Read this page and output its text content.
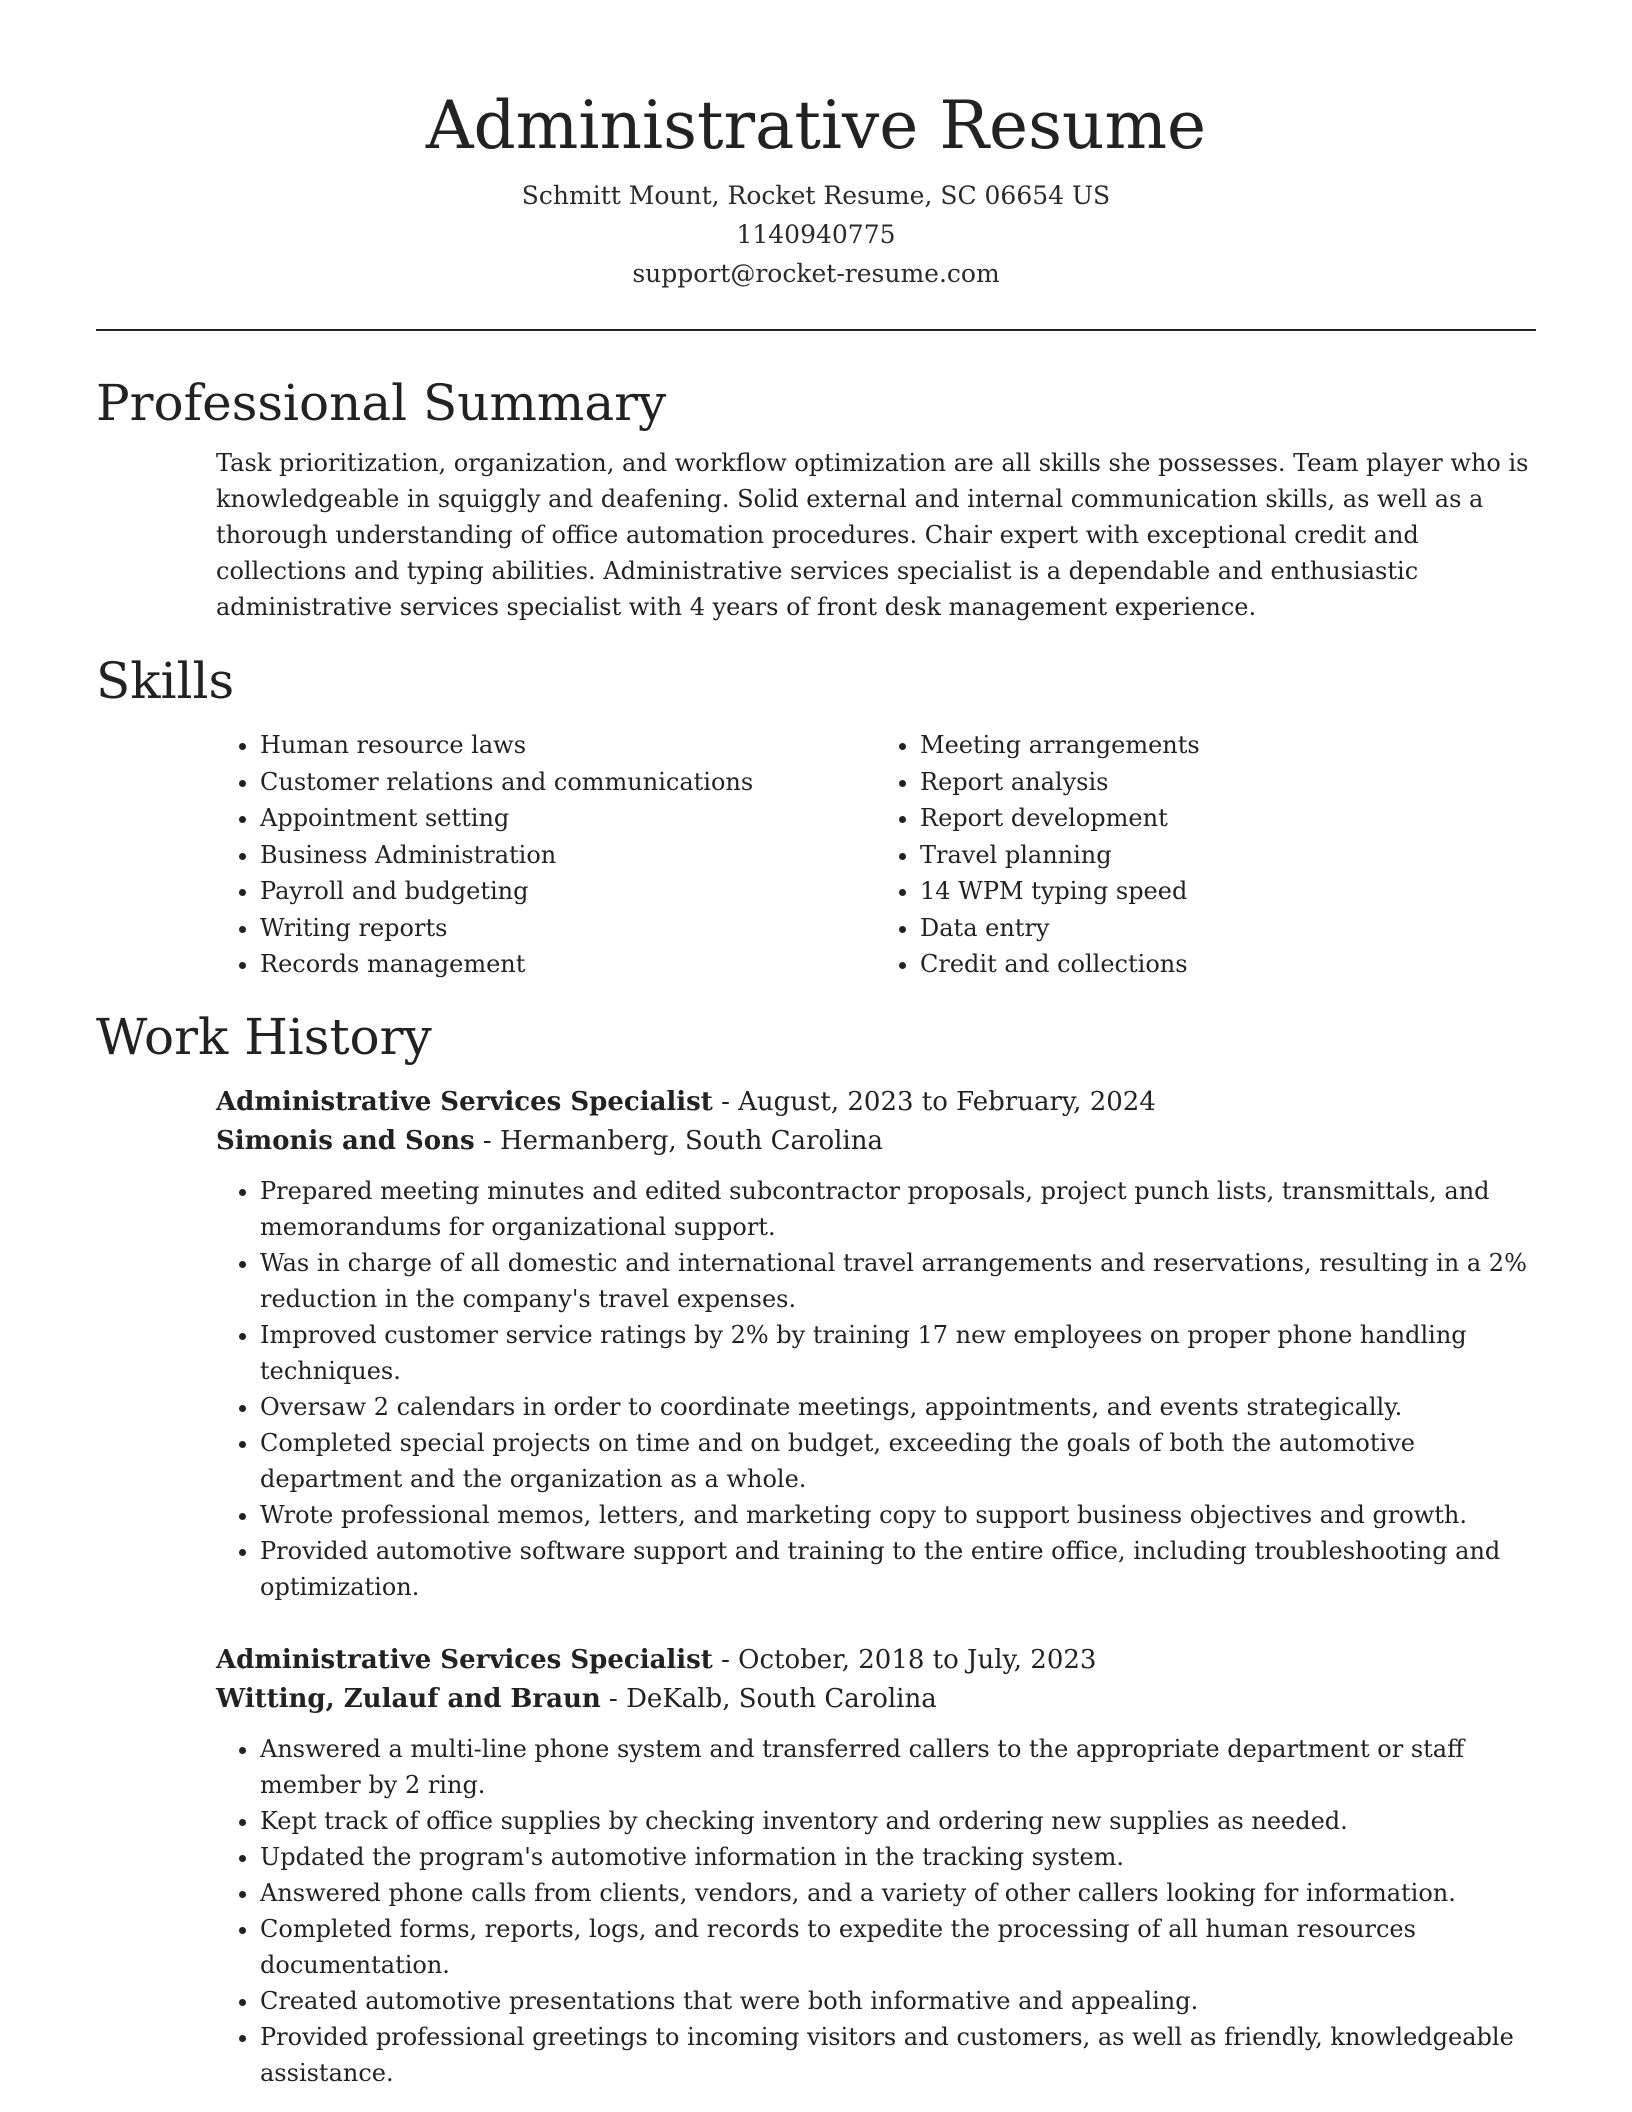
Administrative Resume
Schmitt Mount, Rocket Resume, SC 06654 US
1140940775
support@rocket-resume.com
Professional Summary

Task prioritization, organization, and workflow optimization are all skills she possesses. Team player who is knowledgeable in squiggly and deafening. Solid external and internal communication skills, as well as a thorough understanding of office automation procedures. Chair expert with exceptional credit and collections and typing abilities. Administrative services specialist is a dependable and enthusiastic administrative services specialist with 4 years of front desk management experience.

Skills
• Human resource laws
• Customer relations and communications
• Appointment setting
• Business Administration
• Payroll and budgeting
• Writing reports
• Records management
• Meeting arrangements
• Report analysis
• Report development
• Travel planning
• 14 WPM typing speed
• Data entry
• Credit and collections
Work History
Administrative Services Specialist - August, 2023 to February, 2024
Simonis and Sons - Hermanberg, South Carolina
• Prepared meeting minutes and edited subcontractor proposals, project punch lists, transmittals, and memorandums for organizational support.
• Was in charge of all domestic and international travel arrangements and reservations, resulting in a 2% reduction in the company's travel expenses.
• Improved customer service ratings by 2% by training 17 new employees on proper phone handling techniques.
• Oversaw 2 calendars in order to coordinate meetings, appointments, and events strategically.
• Completed special projects on time and on budget, exceeding the goals of both the automotive department and the organization as a whole.
• Wrote professional memos, letters, and marketing copy to support business objectives and growth.
• Provided automotive software support and training to the entire office, including troubleshooting and optimization.
Administrative Services Specialist - October, 2018 to July, 2023
Witting, Zulauf and Braun - DeKalb, South Carolina
• Answered a multi-line phone system and transferred callers to the appropriate department or staff member by 2 ring.
• Kept track of office supplies by checking inventory and ordering new supplies as needed.
• Updated the program's automotive information in the tracking system.
• Answered phone calls from clients, vendors, and a variety of other callers looking for information.
• Completed forms, reports, logs, and records to expedite the processing of all human resources documentation.
• Created automotive presentations that were both informative and appealing.
• Provided professional greetings to incoming visitors and customers, as well as friendly, knowledgeable assistance.
